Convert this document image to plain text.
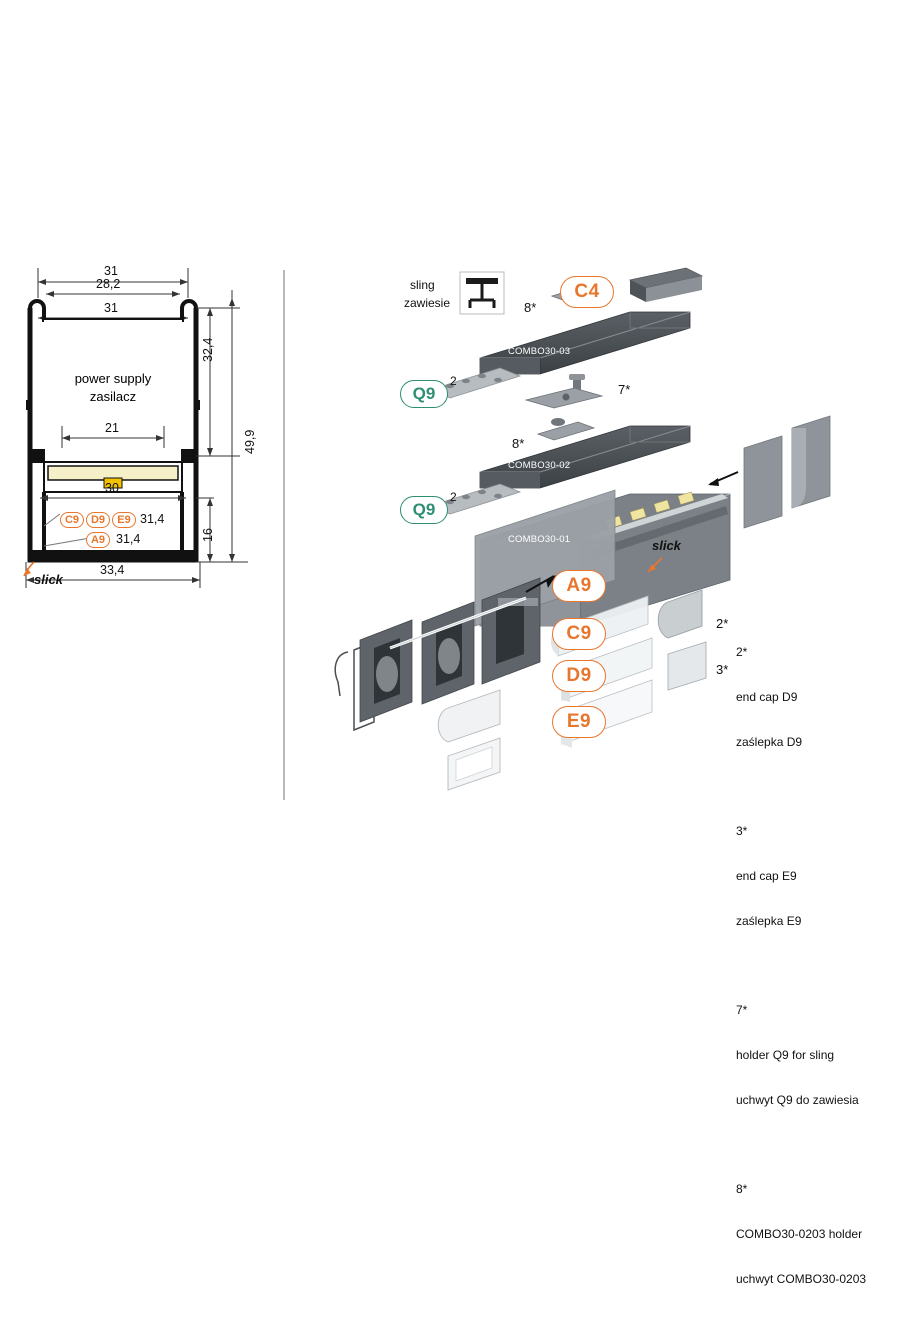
power supply
zasilacz
31
28,2
31
21
30
33,4
32,4
49,9
16
C9	D9	E9 31,4
A9 31,4
slick
sling
zawiesie	8*
C4
COMBO30-03
Q9
2
7*
8*
COMBO30-02
Q9
2
COMBO30-01	slick
A9
C9
D9
E9
2*
3*

2*

end cap D9

zaślepka D9

3*

end cap E9

zaślepka E9

7*

holder Q9 for sling

uchwyt Q9 do zawiesia

8*

COMBO30-0203 holder

uchwyt COMBO30-0203
